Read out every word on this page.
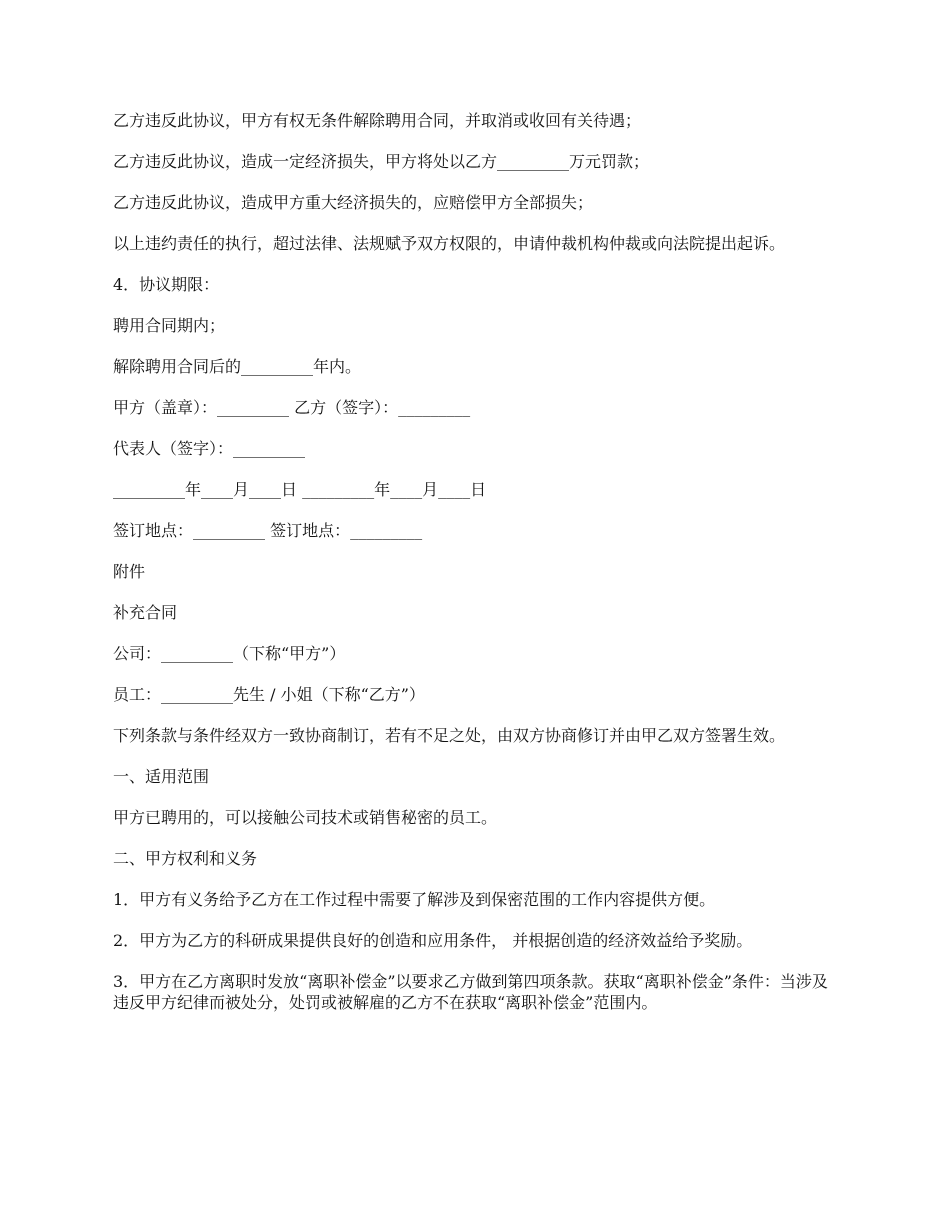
乙方违反此协议，甲方有权无条件解除聘用合同，并取消或收回有关待遇；

乙方违反此协议，造成一定经济损失，甲方将处以乙方_________万元罚款；

乙方违反此协议，造成甲方重大经济损失的，应赔偿甲方全部损失；

以上违约责任的执行，超过法律、法规赋予双方权限的，申请仲裁机构仲裁或向法院提出起诉。

4．协议期限：

聘用合同期内；

解除聘用合同后的_________年内。

甲方（盖章）：_________ 乙方（签字）：_________

代表人（签字）：_________

_________年____月____日 _________年____月____日

签订地点：_________ 签订地点：_________

附件

补充合同

公司：_________（下称“甲方”）

员工：_________先生 / 小姐（下称“乙方”）

下列条款与条件经双方一致协商制订，若有不足之处，由双方协商修订并由甲乙双方签署生效。

一、适用范围

甲方已聘用的，可以接触公司技术或销售秘密的员工。

二、甲方权利和义务

1．甲方有义务给予乙方在工作过程中需要了解涉及到保密范围的工作内容提供方便。

2．甲方为乙方的科研成果提供良好的创造和应用条件， 并根据创造的经济效益给予奖励。

3．甲方在乙方离职时发放“离职补偿金”以要求乙方做到第四项条款。获取“离职补偿金”条件：当涉及违反甲方纪律而被处分，处罚或被解雇的乙方不在获取“离职补偿金”范围内。
